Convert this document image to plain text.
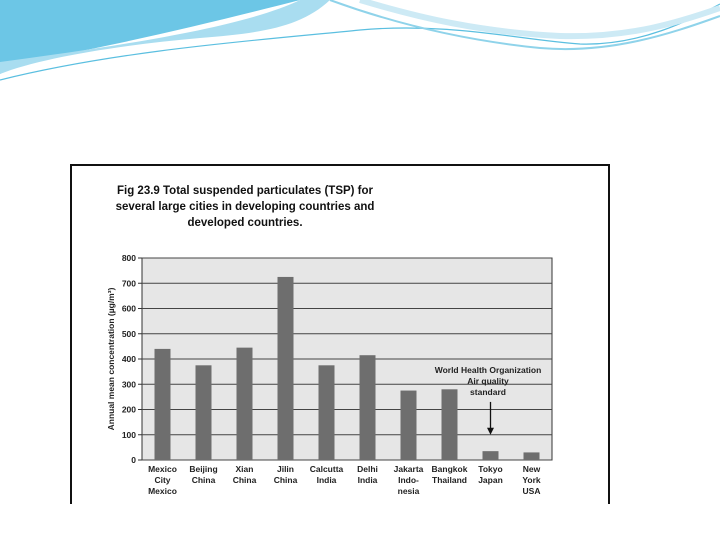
Fig 23.9 Total suspended particulates (TSP) for
several large cities in developing countries and
developed countries.
0
100
200
300
400
500
600
700
800
Annual mean concentration (µg/m³)
Mexico
City
Mexico
Beijing
China
Xian
China
Jilin
China
Calcutta
India
Delhi
India
Jakarta
Indo-
nesia
Bangkok
Thailand
Tokyo
Japan
New
York
USA
World Health Organization
Air quality
standard
